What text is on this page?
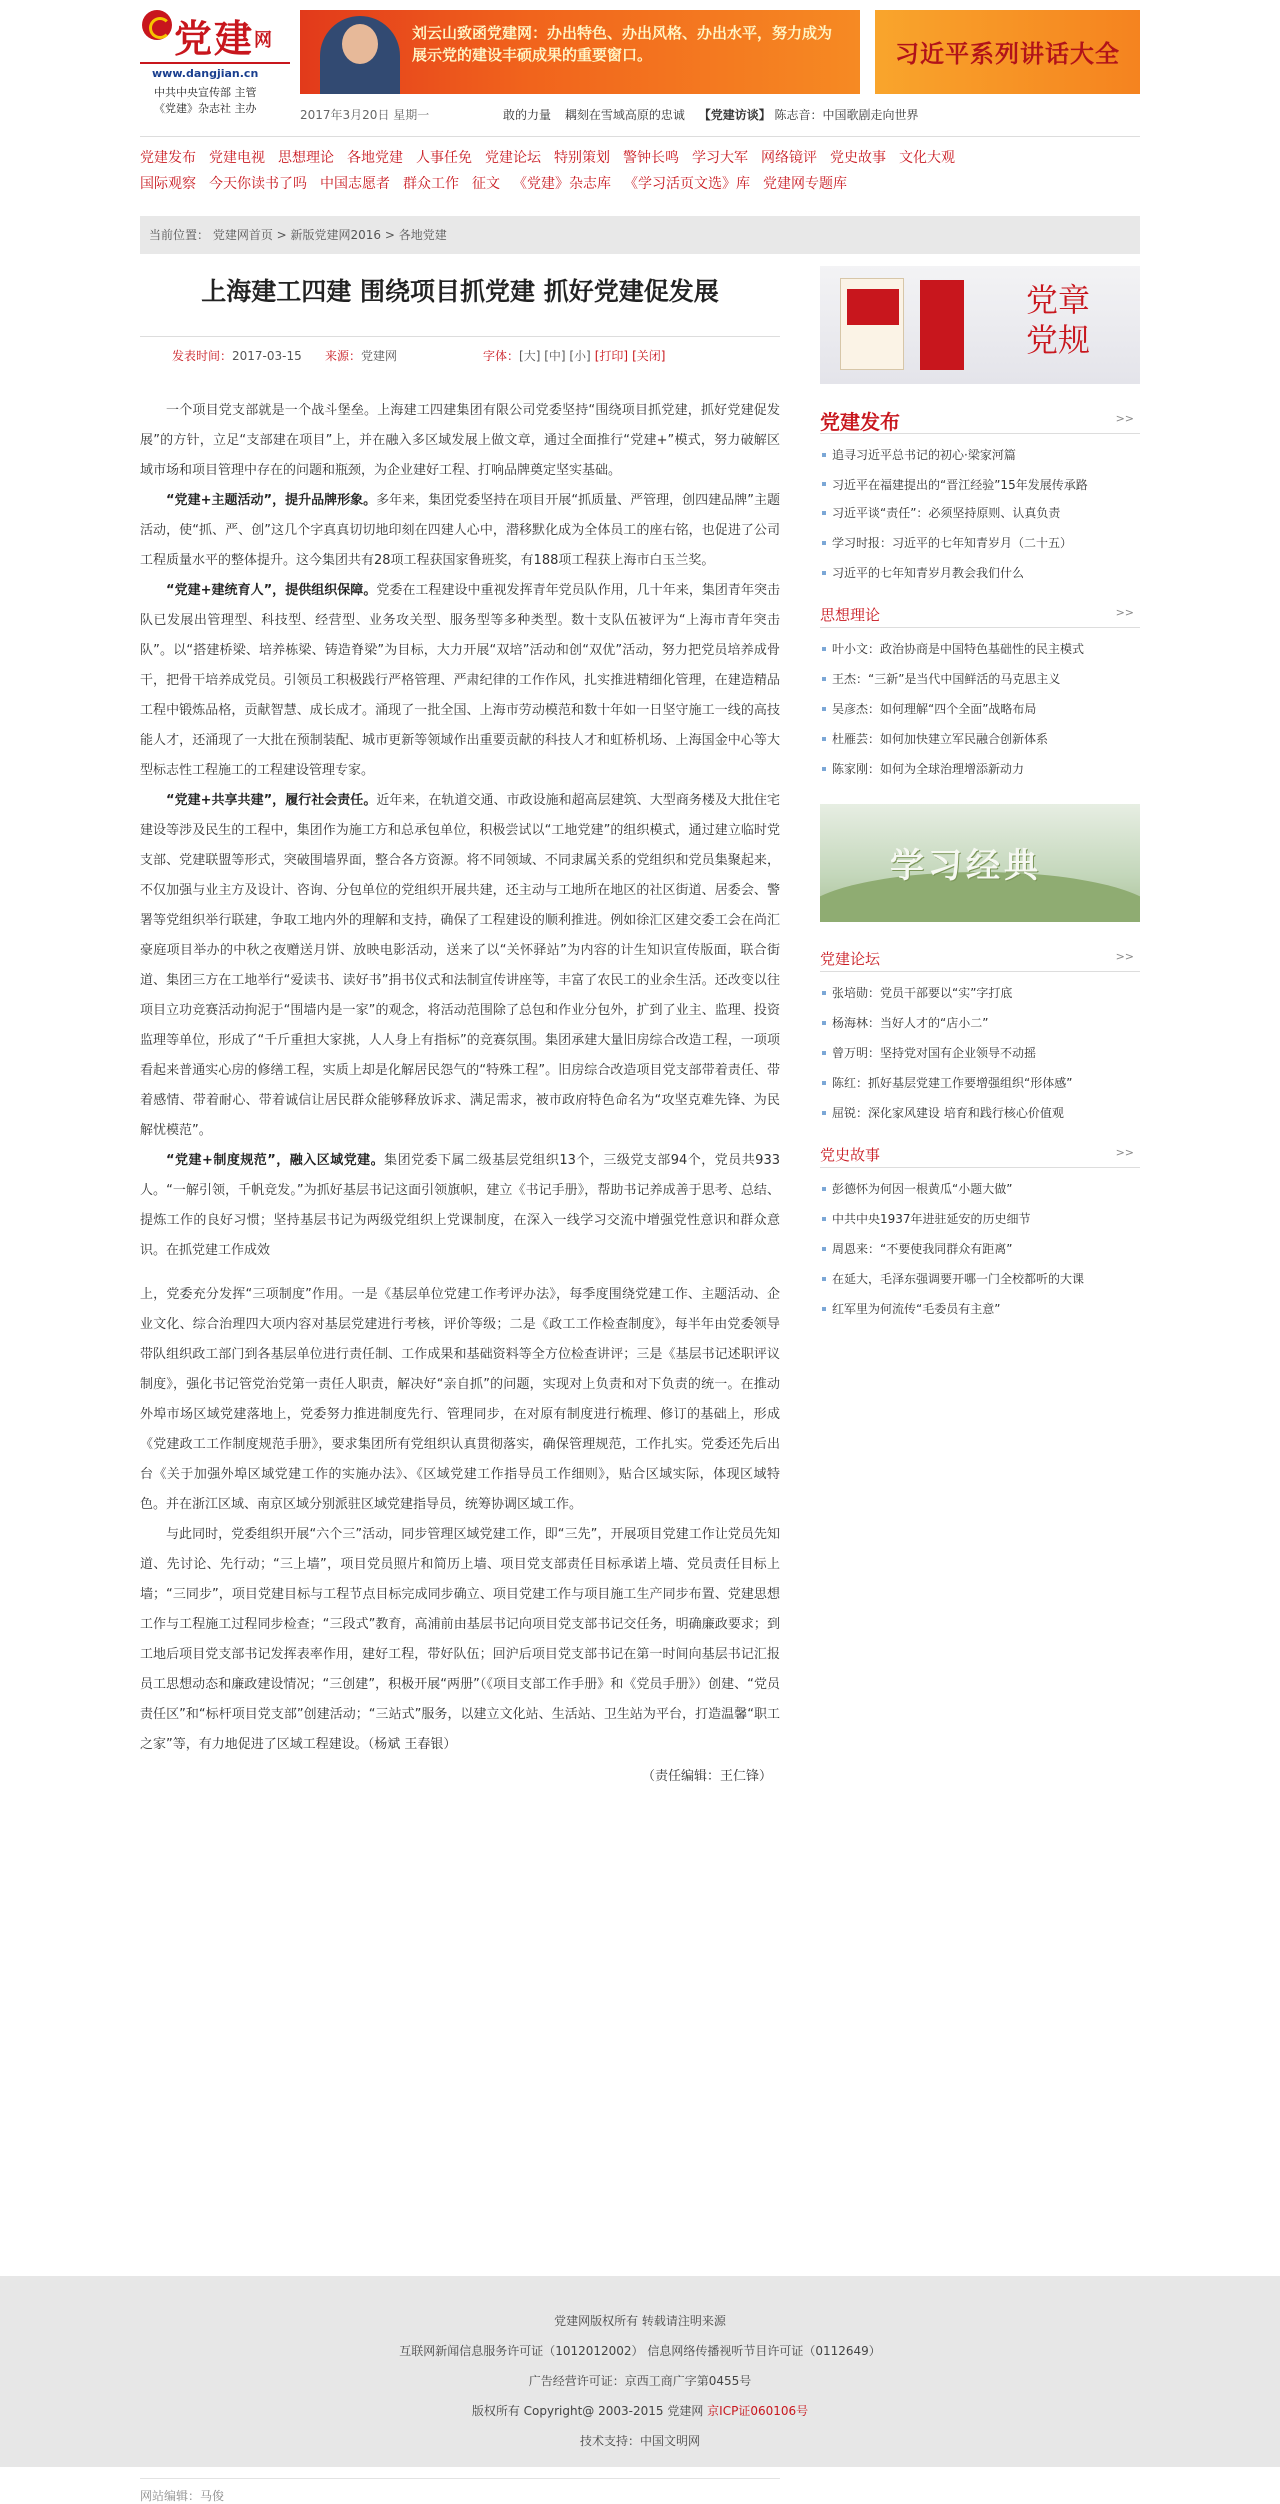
党建网
www.dangjian.cn
中共中央宣传部 主管
《党建》杂志社 主办
刘云山致函党建网：办出特色、办出风格、办出水平，努力成为展示党的建设丰硕成果的重要窗口。	习近平系列讲话大全
2017年3月20日 星期一	敢的力量 耦刻在雪域高原的忠诚 【党建访谈】 陈志音：中国歌剧走向世界
党建发布 党建电视 思想理论 各地党建 人事任免 党建论坛 特别策划 警钟长鸣 学习大军 网络镜评 党史故事 文化大观
国际观察 今天你读书了吗 中国志愿者 群众工作 征文 《党建》杂志库 《学习活页文选》库 党建网专题库
当前位置： 党建网首页 > 新版党建网2016 > 各地党建
上海建工四建 围绕项目抓党建 抓好党建促发展
发表时间：2017-03-15 来源：党建网	字体：[大] [中] [小] [打印] [关闭]

一个项目党支部就是一个战斗堡垒。上海建工四建集团有限公司党委坚持“围绕项目抓党建，抓好党建促发展”的方针，立足“支部建在项目”上，并在融入多区域发展上做文章，通过全面推行“党建+”模式，努力破解区域市场和项目管理中存在的问题和瓶颈，为企业建好工程、打响品牌奠定坚实基础。

“党建+主题活动”，提升品牌形象。多年来，集团党委坚持在项目开展“抓质量、严管理，创四建品牌”主题活动，使“抓、严、创”这几个字真真切切地印刻在四建人心中，潜移默化成为全体员工的座右铭，也促进了公司工程质量水平的整体提升。这今集团共有28项工程获国家鲁班奖，有188项工程获上海市白玉兰奖。

“党建+建统育人”，提供组织保障。党委在工程建设中重视发挥青年党员队作用，几十年来，集团青年突击队已发展出管理型、科技型、经营型、业务攻关型、服务型等多种类型。数十支队伍被评为“上海市青年突击队”。以“搭建桥梁、培养栋梁、铸造脊梁”为目标，大力开展“双培”活动和创“双优”活动，努力把党员培养成骨干，把骨干培养成党员。引领员工积极践行严格管理、严肃纪律的工作作风，扎实推进精细化管理，在建造精品工程中锻炼品格，贡献智慧、成长成才。涌现了一批全国、上海市劳动模范和数十年如一日坚守施工一线的高技能人才，还涌现了一大批在预制装配、城市更新等领域作出重要贡献的科技人才和虹桥机场、上海国金中心等大型标志性工程施工的工程建设管理专家。

“党建+共享共建”，履行社会责任。近年来，在轨道交通、市政设施和超高层建筑、大型商务楼及大批住宅建设等涉及民生的工程中，集团作为施工方和总承包单位，积极尝试以“工地党建”的组织模式，通过建立临时党支部、党建联盟等形式，突破围墙界面，整合各方资源。将不同领域、不同隶属关系的党组织和党员集聚起来，不仅加强与业主方及设计、咨询、分包单位的党组织开展共建，还主动与工地所在地区的社区街道、居委会、警署等党组织举行联建，争取工地内外的理解和支持，确保了工程建设的顺利推进。例如徐汇区建交委工会在尚汇豪庭项目举办的中秋之夜赠送月饼、放映电影活动，送来了以“关怀驿站”为内容的计生知识宣传版面，联合街道、集团三方在工地举行“爱读书、读好书”捐书仪式和法制宣传讲座等，丰富了农民工的业余生活。还改变以往项目立功竞赛活动拘泥于“围墙内是一家”的观念，将活动范围除了总包和作业分包外，扩到了业主、监理、投资监理等单位，形成了“千斤重担大家挑，人人身上有指标”的竞赛氛围。集团承建大量旧房综合改造工程，一项项看起来普通实心房的修缮工程，实质上却是化解居民怨气的“特殊工程”。旧房综合改造项目党支部带着责任、带着感情、带着耐心、带着诚信让居民群众能够释放诉求、满足需求，被市政府特色命名为“攻坚克难先锋、为民解忧模范”。

“党建+制度规范”，融入区域党建。集团党委下属二级基层党组织13个，三级党支部94个，党员共933人。“一解引领，千帆竞发。”为抓好基层书记这面引领旗帜，建立《书记手册》，帮助书记养成善于思考、总结、提炼工作的良好习惯；坚持基层书记为两级党组织上党课制度，在深入一线学习交流中增强党性意识和群众意识。在抓党建工作成效

上，党委充分发挥“三项制度”作用。一是《基层单位党建工作考评办法》，每季度围绕党建工作、主题活动、企业文化、综合治理四大项内容对基层党建进行考核，评价等级；二是《政工工作检查制度》，每半年由党委领导带队组织政工部门到各基层单位进行责任制、工作成果和基础资料等全方位检查讲评；三是《基层书记述职评议制度》，强化书记管党治党第一责任人职责，解决好“亲自抓”的问题，实现对上负责和对下负责的统一。在推动外埠市场区域党建落地上，党委努力推进制度先行、管理同步，在对原有制度进行梳理、修订的基础上，形成《党建政工工作制度规范手册》，要求集团所有党组织认真贯彻落实，确保管理规范，工作扎实。党委还先后出台《关于加强外埠区域党建工作的实施办法》、《区域党建工作指导员工作细则》，贴合区域实际，体现区域特色。并在浙江区域、南京区域分别派驻区域党建指导员，统筹协调区域工作。

与此同时，党委组织开展“六个三”活动，同步管理区域党建工作，即“三先”，开展项目党建工作让党员先知道、先讨论、先行动；“三上墙”，项目党员照片和简历上墙、项目党支部责任目标承诺上墙、党员责任目标上墙；“三同步”，项目党建目标与工程节点目标完成同步确立、项目党建工作与项目施工生产同步布置、党建思想工作与工程施工过程同步检查；“三段式”教育，高浦前由基层书记向项目党支部书记交任务，明确廉政要求；到工地后项目党支部书记发挥表率作用，建好工程，带好队伍；回沪后项目党支部书记在第一时间向基层书记汇报员工思想动态和廉政建设情况；“三创建”，积极开展“两册”（《项目支部工作手册》和《党员手册》）创建、“党员责任区”和“标杆项目党支部”创建活动；“三站式”服务，以建立文化站、生活站、卫生站为平台，打造温馨“职工之家”等，有力地促进了区域工程建设。（杨斌 王春银）

（责任编辑：王仁锋）

网站编辑：马俊
党章党规
党建发布	>>
追寻习近平总书记的初心·梁家河篇
习近平在福建提出的“晋江经验”15年发展传承路
习近平谈“责任”：必须坚持原则、认真负责
学习时报：习近平的七年知青岁月（二十五）
习近平的七年知青岁月教会我们什么
思想理论	>>
叶小文：政治协商是中国特色基础性的民主模式
王杰：“三新”是当代中国鲜活的马克思主义
吴彦杰：如何理解“四个全面”战略布局
杜雁芸：如何加快建立军民融合创新体系
陈家刚：如何为全球治理增添新动力
学习经典
党建论坛	>>
张培勋：党员干部要以“实”字打底
杨海林：当好人才的“店小二”
曾万明：坚持党对国有企业领导不动摇
陈红：抓好基层党建工作要增强组织“形体感”
屈锐：深化家风建设 培育和践行核心价值观
党史故事	>>
彭德怀为何因一根黄瓜“小题大做”
中共中央1937年进驻延安的历史细节
周恩来：“不要使我同群众有距离”
在延大，毛泽东强调要开哪一门全校都听的大课
红军里为何流传“毛委员有主意”

党建网版权所有 转载请注明来源

互联网新闻信息服务许可证（1012012002） 信息网络传播视听节目许可证（0112649）

广告经营许可证：京西工商广字第0455号

版权所有 Copyright@ 2003-2015 党建网 京ICP证060106号

技术支持：中国文明网
